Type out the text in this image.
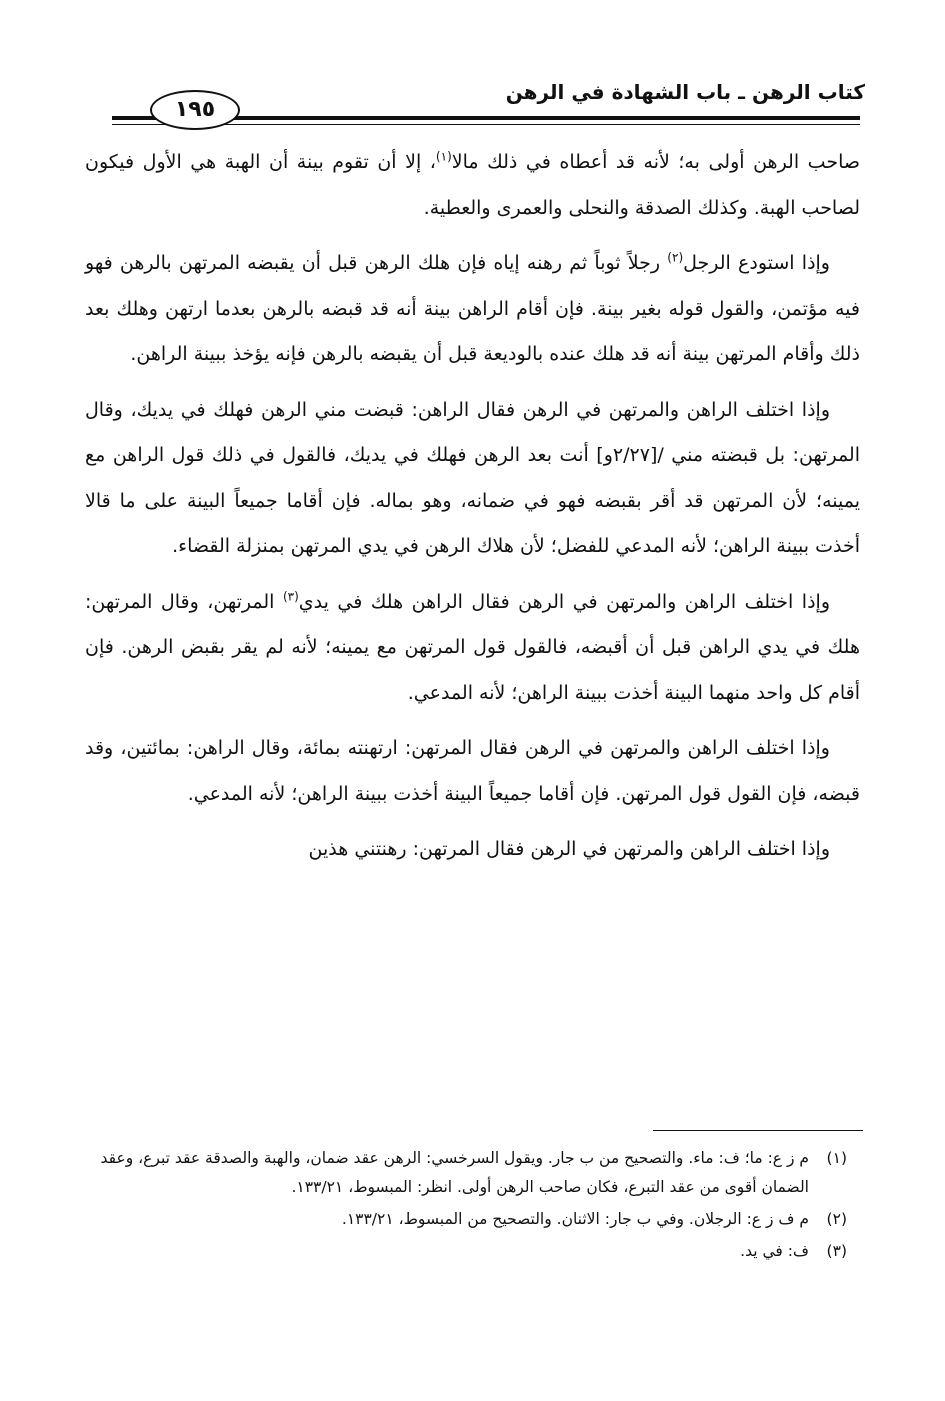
كتاب الرهن ـ باب الشهادة في الرهن
١٩٥

صاحب الرهن أولى به؛ لأنه قد أعطاه في ذلك مالا$^{(١)}$، إلا أن تقوم بينة أن الهبة هي الأول فيكون لصاحب الهبة. وكذلك الصدقة والنحلى والعمرى والعطية.

وإذا استودع الرجل$^{(٢)}$ رجلاً ثوباً ثم رهنه إياه فإن هلك الرهن قبل أن يقبضه المرتهن بالرهن فهو فيه مؤتمن، والقول قوله بغير بينة. فإن أقام الراهن بينة أنه قد قبضه بالرهن بعدما ارتهن وهلك بعد ذلك وأقام المرتهن بينة أنه قد هلك عنده بالوديعة قبل أن يقبضه بالرهن فإنه يؤخذ ببينة الراهن.

وإذا اختلف الراهن والمرتهن في الرهن فقال الراهن: قبضت مني الرهن فهلك في يديك، وقال المرتهن: بل قبضته مني /[٢/٢٧و] أنت بعد الرهن فهلك في يديك، فالقول في ذلك قول الراهن مع يمينه؛ لأن المرتهن قد أقر بقبضه فهو في ضمانه، وهو بماله. فإن أقاما جميعاً البينة على ما قالا أخذت ببينة الراهن؛ لأنه المدعي للفضل؛ لأن هلاك الرهن في يدي المرتهن بمنزلة القضاء.

وإذا اختلف الراهن والمرتهن في الرهن فقال الراهن هلك في يدي$^{(٣)}$ المرتهن، وقال المرتهن: هلك في يدي الراهن قبل أن أقبضه، فالقول قول المرتهن مع يمينه؛ لأنه لم يقر بقبض الرهن. فإن أقام كل واحد منهما البينة أخذت ببينة الراهن؛ لأنه المدعي.

وإذا اختلف الراهن والمرتهن في الرهن فقال المرتهن: ارتهنته بمائة، وقال الراهن: بمائتين، وقد قبضه، فإن القول قول المرتهن. فإن أقاما جميعاً البينة أخذت ببينة الراهن؛ لأنه المدعي.

وإذا اختلف الراهن والمرتهن في الرهن فقال المرتهن: رهنتني هذين

(١)
م ز ع: ما؛ ف: ماء. والتصحيح من ب جار. ويقول السرخسي: الرهن عقد ضمان، والهبة والصدقة عقد تبرع، وعقد الضمان أقوى من عقد التبرع، فكان صاحب الرهن أولى. انظر: المبسوط، ١٣٣/٢١.
(٢)
م ف ز ع: الرجلان. وفي ب جار: الاثنان. والتصحيح من المبسوط، ١٣٣/٢١.
(٣)
ف: في يد.
